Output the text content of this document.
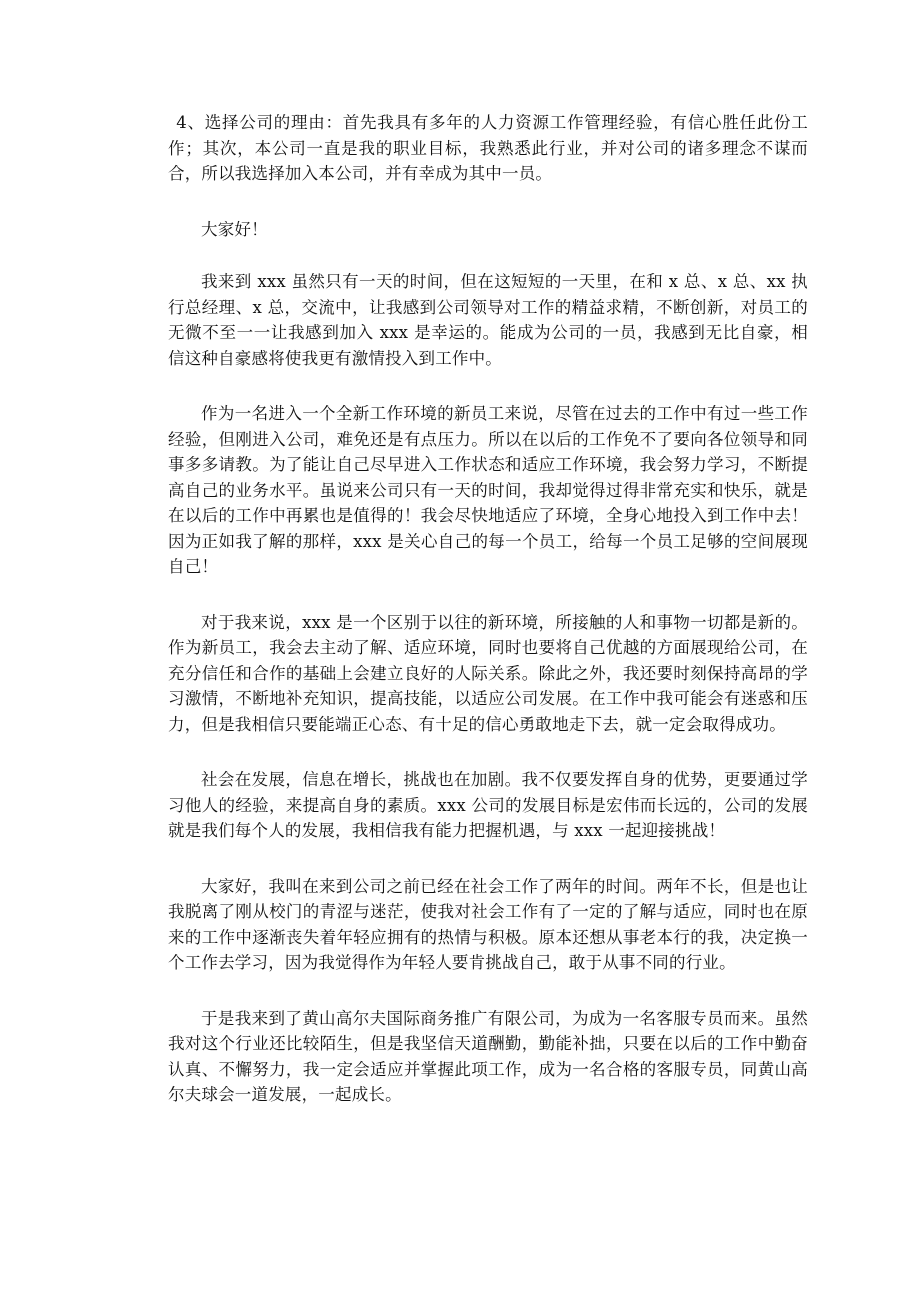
4、选择公司的理由：首先我具有多年的人力资源工作管理经验，有信心胜任此份工作；其次，本公司一直是我的职业目标，我熟悉此行业，并对公司的诸多理念不谋而合，所以我选择加入本公司，并有幸成为其中一员。

大家好！

我来到 xxx 虽然只有一天的时间，但在这短短的一天里，在和 x 总、x 总、xx 执行总经理、x 总，交流中，让我感到公司领导对工作的精益求精，不断创新，对员工的无微不至一一让我感到加入 xxx 是幸运的。能成为公司的一员，我感到无比自豪，相信这种自豪感将使我更有激情投入到工作中。

作为一名进入一个全新工作环境的新员工来说，尽管在过去的工作中有过一些工作经验，但刚进入公司，难免还是有点压力。所以在以后的工作免不了要向各位领导和同事多多请教。为了能让自己尽早进入工作状态和适应工作环境，我会努力学习，不断提高自己的业务水平。虽说来公司只有一天的时间，我却觉得过得非常充实和快乐，就是在以后的工作中再累也是值得的！我会尽快地适应了环境，全身心地投入到工作中去！因为正如我了解的那样，xxx 是关心自己的每一个员工，给每一个员工足够的空间展现自己！

对于我来说，xxx 是一个区别于以往的新环境，所接触的人和事物一切都是新的。作为新员工，我会去主动了解、适应环境，同时也要将自己优越的方面展现给公司，在充分信任和合作的基础上会建立良好的人际关系。除此之外，我还要时刻保持高昂的学习激情，不断地补充知识，提高技能，以适应公司发展。在工作中我可能会有迷惑和压力，但是我相信只要能端正心态、有十足的信心勇敢地走下去，就一定会取得成功。

社会在发展，信息在增长，挑战也在加剧。我不仅要发挥自身的优势，更要通过学习他人的经验，来提高自身的素质。xxx 公司的发展目标是宏伟而长远的，公司的发展就是我们每个人的发展，我相信我有能力把握机遇，与 xxx 一起迎接挑战！

大家好，我叫在来到公司之前已经在社会工作了两年的时间。两年不长，但是也让我脱离了刚从校门的青涩与迷茫，使我对社会工作有了一定的了解与适应，同时也在原来的工作中逐渐丧失着年轻应拥有的热情与积极。原本还想从事老本行的我，决定换一个工作去学习，因为我觉得作为年轻人要肯挑战自己，敢于从事不同的行业。

于是我来到了黄山高尔夫国际商务推广有限公司，为成为一名客服专员而来。虽然我对这个行业还比较陌生，但是我坚信天道酬勤，勤能补拙，只要在以后的工作中勤奋认真、不懈努力，我一定会适应并掌握此项工作，成为一名合格的客服专员，同黄山高尔夫球会一道发展，一起成长。
